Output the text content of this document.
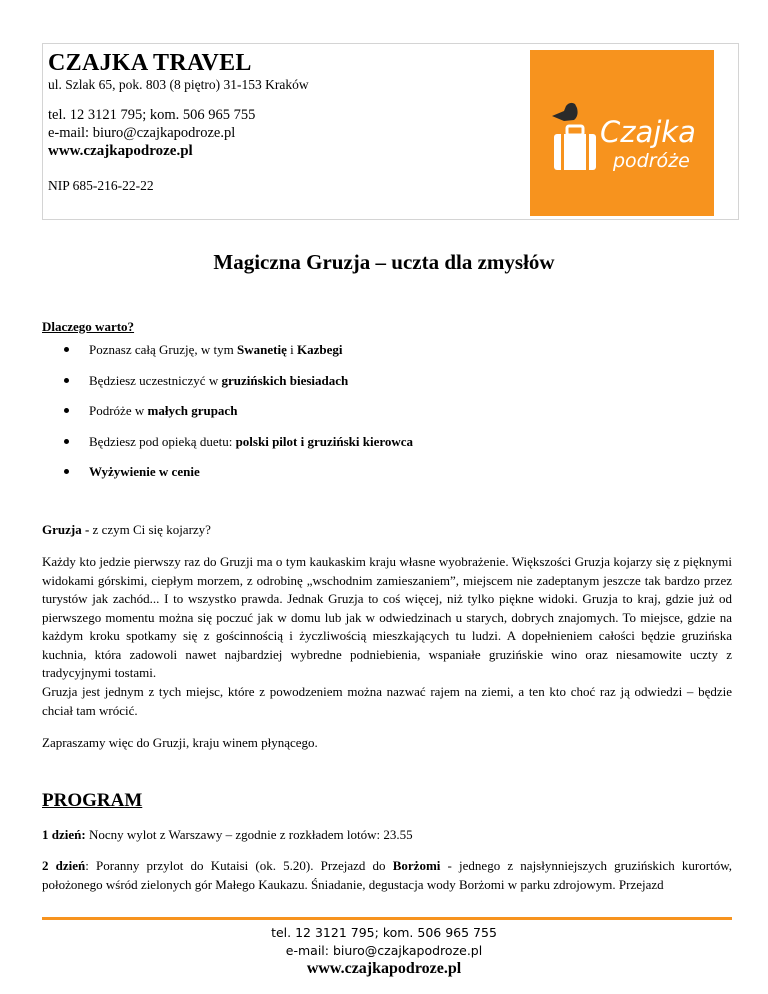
CZAJKA TRAVEL
ul. Szlak 65, pok. 803 (8 piętro) 31-153 Kraków
tel. 12 3121 795; kom. 506 965 755
e-mail: biuro@czajkapodroze.pl
www.czajkapodroze.pl
NIP 685-216-22-22
Czajka
podróże
Magiczna Gruzja – uczta dla zmysłów
Dlaczego warto?
Poznasz całą Gruzję, w tym Swanetię i Kazbegi
Będziesz uczestniczyć w gruzińskich biesiadach
Podróże w małych grupach
Będziesz pod opieką duetu: polski pilot i gruziński kierowca
Wyżywienie w cenie

Gruzja - z czym Ci się kojarzy?

Każdy kto jedzie pierwszy raz do Gruzji ma o tym kaukaskim kraju własne wyobrażenie. Większości Gruzja kojarzy się z pięknymi widokami górskimi, ciepłym morzem, z odrobinę „wschodnim zamieszaniem”, miejscem nie zadeptanym jeszcze tak bardzo przez turystów jak zachód... I to wszystko prawda. Jednak Gruzja to coś więcej, niż tylko piękne widoki. Gruzja to kraj, gdzie już od pierwszego momentu można się poczuć jak w domu lub jak w odwiedzinach u starych, dobrych znajomych. To miejsce, gdzie na każdym kroku spotkamy się z gościnnością i życzliwością mieszkających tu ludzi. A dopełnieniem całości będzie gruzińska kuchnia, która zadowoli nawet najbardziej wybredne podniebienia, wspaniałe gruzińskie wino oraz niesamowite uczty z tradycyjnymi tostami.

Gruzja jest jednym z tych miejsc, które z powodzeniem można nazwać rajem na ziemi, a ten kto choć raz ją odwiedzi – będzie chciał tam wrócić.

Zapraszamy więc do Gruzji, kraju winem płynącego.

PROGRAM

1 dzień: Nocny wylot z Warszawy – zgodnie z rozkładem lotów: 23.55

2 dzień: Poranny przylot do Kutaisi (ok. 5.20). Przejazd do Borżomi - jednego z najsłynniejszych gruzińskich kurortów, położonego wśród zielonych gór Małego Kaukazu. Śniadanie, degustacja wody Borżomi w parku zdrojowym. Przejazd

tel. 12 3121 795; kom. 506 965 755
e-mail: biuro@czajkapodroze.pl
www.czajkapodroze.pl
